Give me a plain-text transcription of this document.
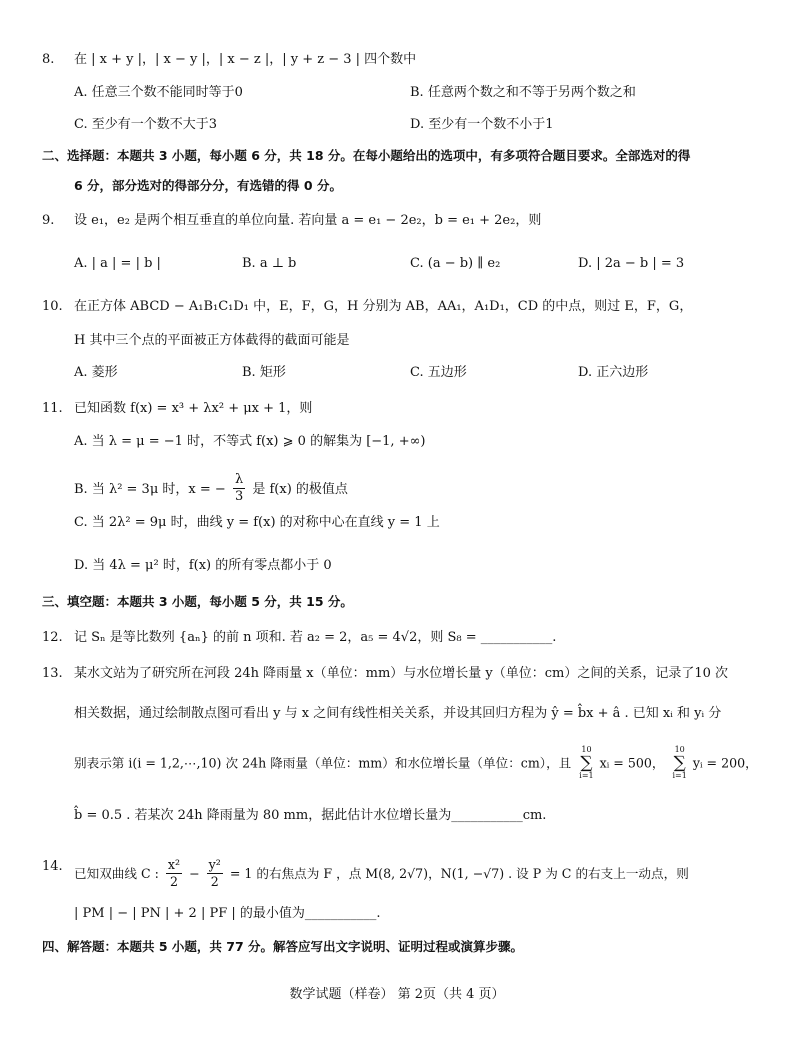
8. 在 | x + y |，| x − y |，| x − z |，| y + z − 3 | 四个数中
A. 任意三个数不能同时等于0	B. 任意两个数之和不等于另两个数之和
C. 至少有一个数不大于3	D. 至少有一个数不小于1
二、选择题：本题共 3 小题，每小题 6 分，共 18 分。在每小题给出的选项中，有多项符合题目要求。全部选对的得
6 分，部分选对的得部分分，有选错的得 0 分。
9. 设 e₁，e₂ 是两个相互垂直的单位向量. 若向量 a = e₁ − 2e₂，b = e₁ + 2e₂，则
A. | a | = | b |	B. a ⊥ b	C. (a − b) ∥ e₂	D. | 2a − b | = 3
10. 在正方体 ABCD − A₁B₁C₁D₁ 中，E，F，G，H 分别为 AB，AA₁，A₁D₁，CD 的中点，则过 E，F，G，
H 其中三个点的平面被正方体截得的截面可能是
A. 菱形	B. 矩形	C. 五边形	D. 正六边形
11. 已知函数 f(x) = x³ + λx² + μx + 1，则
A. 当 λ = μ = −1 时，不等式 f(x) ⩾ 0 的解集为 [−1, +∞)
B. 当 λ² = 3μ 时，x = − $\frac{\lambda}{3}$ 是 f(x) 的极值点
C. 当 2λ² = 9μ 时，曲线 y = f(x) 的对称中心在直线 y = 1 上
D. 当 4λ = μ² 时，f(x) 的所有零点都小于 0
三、填空题：本题共 3 小题，每小题 5 分，共 15 分。
12. 记 Sₙ 是等比数列 {aₙ} 的前 n 项和. 若 a₂ = 2，a₅ = 4√2，则 S₈ = ___________.
13. 某水文站为了研究所在河段 24h 降雨量 x（单位：mm）与水位增长量 y（单位：cm）之间的关系，记录了10 次
相关数据，通过绘制散点图可看出 y 与 x 之间有线性相关关系，并设其回归方程为 ŷ = b̂x + â . 已知 xᵢ 和 yᵢ 分
别表示第 i(i = 1,2,⋯,10) 次 24h 降雨量（单位：mm）和水位增长量（单位：cm），且
10
∑
i=1
xᵢ = 500，
10
∑
i=1
yᵢ = 200，
b̂ = 0.5 . 若某次 24h 降雨量为 80 mm，据此估计水位增长量为___________cm.
14. 已知双曲线 C : $\frac{\text{x²}}{2} - \frac{\text{y²}}{2} = 1$ 的右焦点为 F ，点 M(8, 2√7)，N(1, −√7) . 设 P 为 C 的右支上一动点，则
| PM | − | PN | + 2 | PF | 的最小值为___________.
四、解答题：本题共 5 小题，共 77 分。解答应写出文字说明、证明过程或演算步骤。
数学试题（样卷） 第 2页（共 4 页）
